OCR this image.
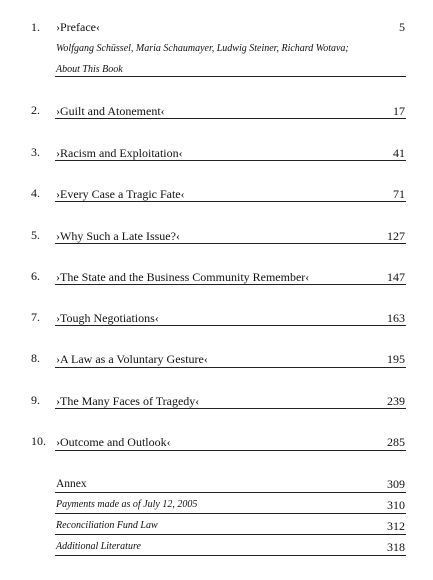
1. ›Preface‹	5
Wolfgang Schüssel, Maria Schaumayer, Ludwig Steiner, Richard Wotava;
About This Book
2. ›Guilt and Atonement‹	17
3. ›Racism and Exploitation‹	41
4. ›Every Case a Tragic Fate‹	71
5. ›Why Such a Late Issue?‹	127
6. ›The State and the Business Community Remember‹	147
7. ›Tough Negotiations‹	163
8. ›A Law as a Voluntary Gesture‹	195
9. ›The Many Faces of Tragedy‹	239
10. ›Outcome and Outlook‹	285
Annex	309
Payments made as of July 12, 2005	310
Reconciliation Fund Law	312
Additional Literature	318
